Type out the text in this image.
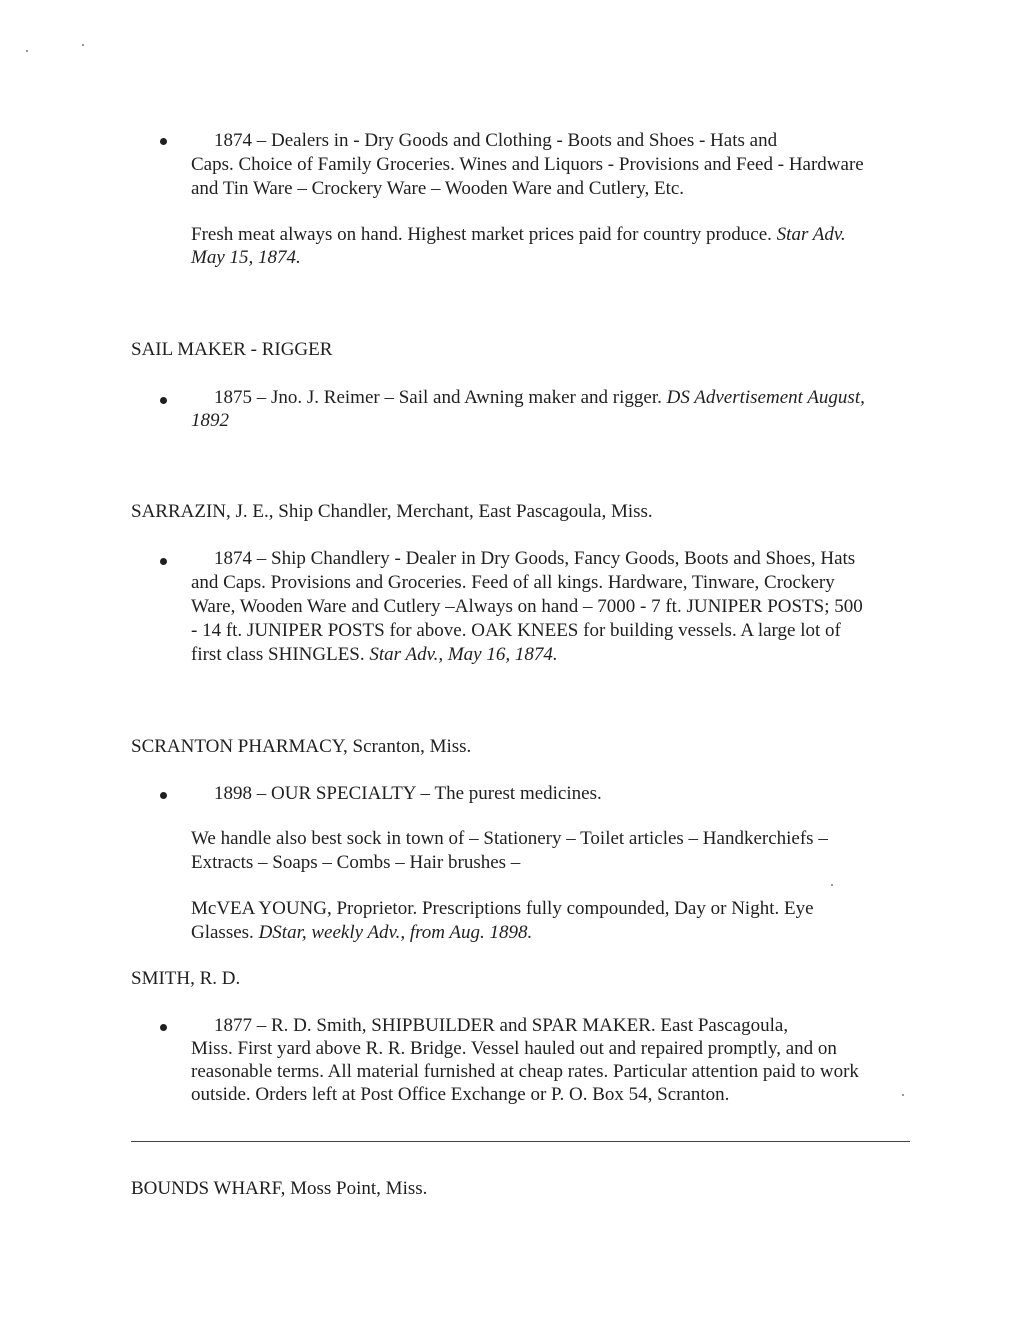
1874 – Dealers in - Dry Goods and Clothing - Boots and Shoes - Hats and
Caps. Choice of Family Groceries. Wines and Liquors - Provisions and Feed - Hardware
and Tin Ware – Crockery Ware – Wooden Ware and Cutlery, Etc.
Fresh meat always on hand. Highest market prices paid for country produce. Star Adv.
May 15, 1874.
SAIL MAKER - RIGGER
1875 – Jno. J. Reimer – Sail and Awning maker and rigger. DS Advertisement August,
1892
SARRAZIN, J. E., Ship Chandler, Merchant, East Pascagoula, Miss.
1874 – Ship Chandlery - Dealer in Dry Goods, Fancy Goods, Boots and Shoes, Hats
and Caps. Provisions and Groceries. Feed of all kings. Hardware, Tinware, Crockery
Ware, Wooden Ware and Cutlery –Always on hand – 7000 - 7 ft. JUNIPER POSTS; 500
- 14 ft. JUNIPER POSTS for above. OAK KNEES for building vessels. A large lot of
first class SHINGLES. Star Adv., May 16, 1874.
SCRANTON PHARMACY, Scranton, Miss.
1898 – OUR SPECIALTY – The purest medicines.
We handle also best sock in town of – Stationery – Toilet articles – Handkerchiefs –
Extracts – Soaps – Combs – Hair brushes –
McVEA YOUNG, Proprietor. Prescriptions fully compounded, Day or Night. Eye
Glasses. DStar, weekly Adv., from Aug. 1898.
SMITH, R. D.
1877 – R. D. Smith, SHIPBUILDER and SPAR MAKER. East Pascagoula,
Miss. First yard above R. R. Bridge. Vessel hauled out and repaired promptly, and on
reasonable terms. All material furnished at cheap rates. Particular attention paid to work
outside. Orders left at Post Office Exchange or P. O. Box 54, Scranton.
BOUNDS WHARF, Moss Point, Miss.
